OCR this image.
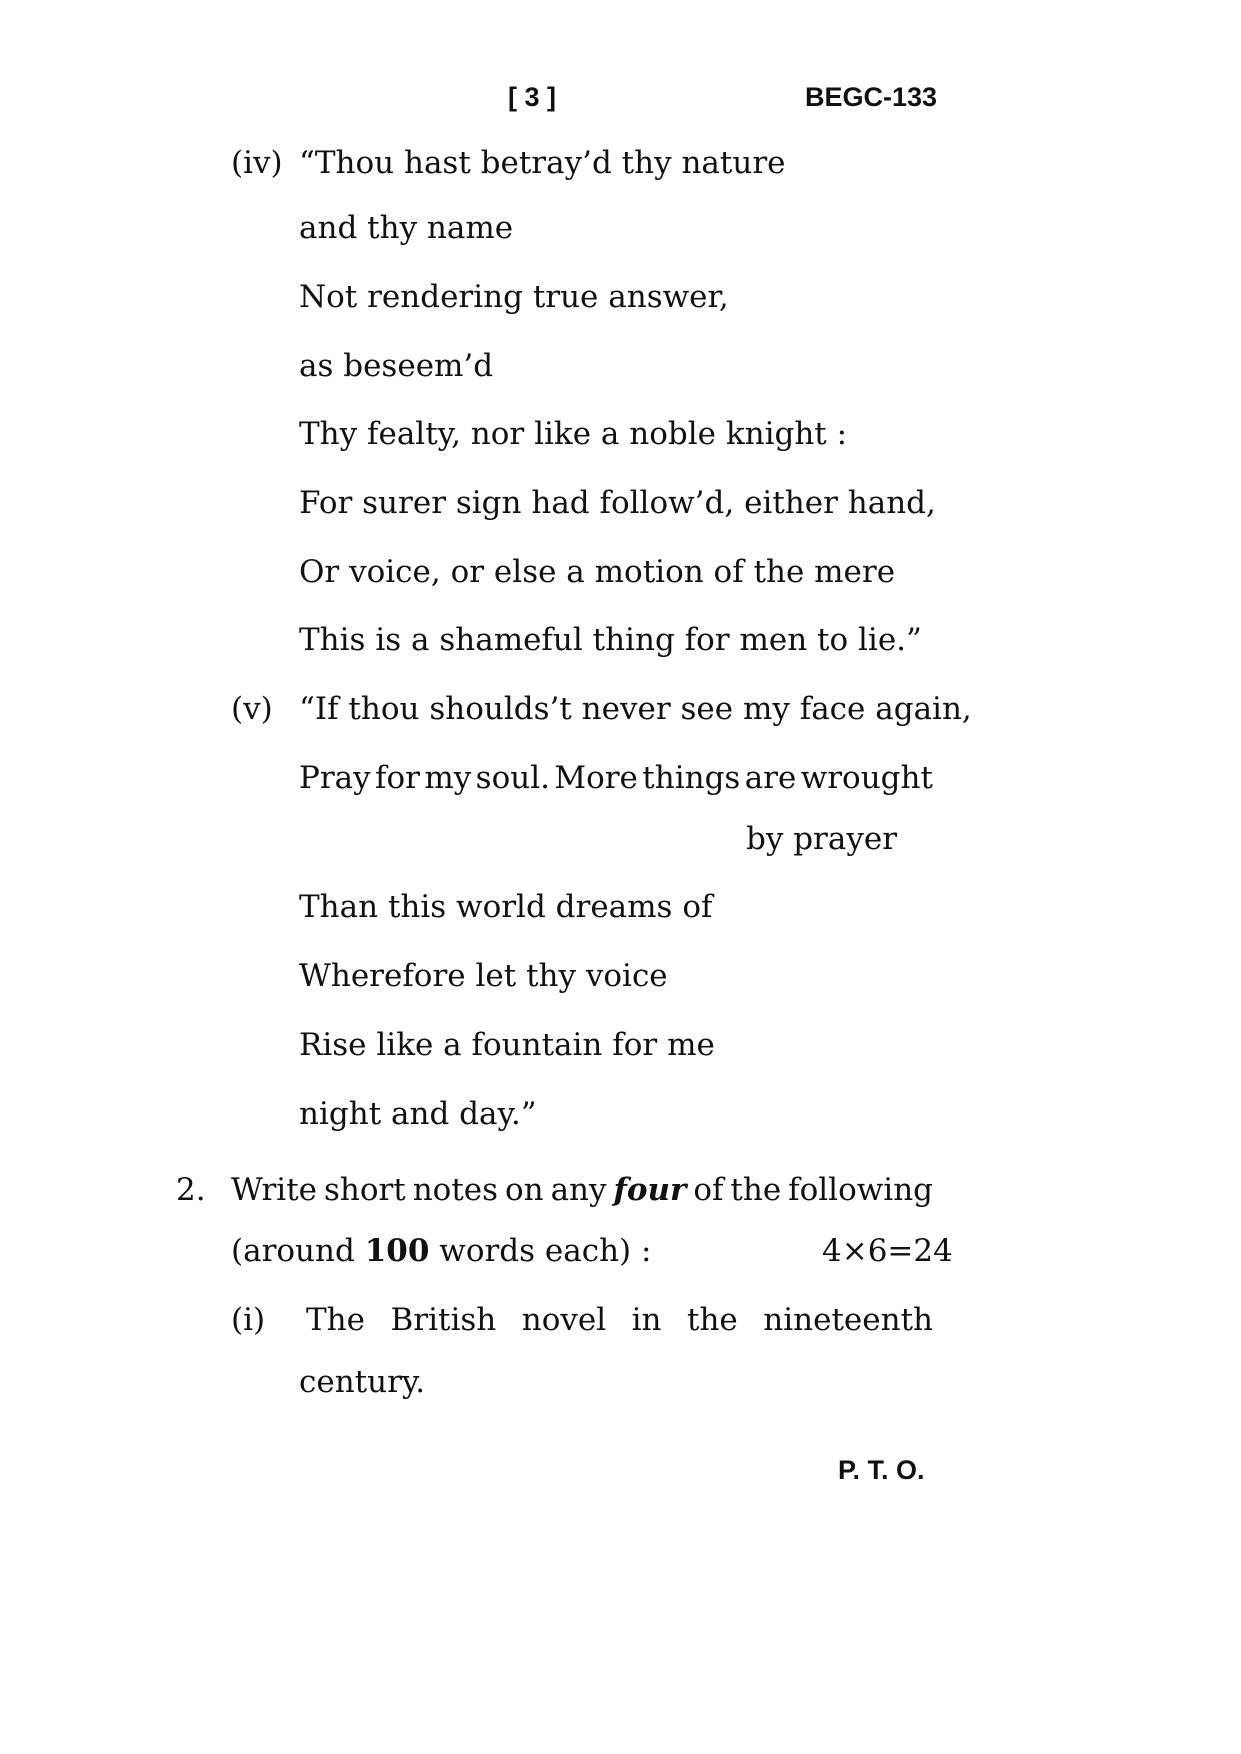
[ 3 ]	BEGC-133
(iv) “Thou hast betray’d thy nature
and thy name
Not rendering true answer,
as beseem’d
Thy fealty, nor like a noble knight :
For surer sign had follow’d, either hand,
Or voice, or else a motion of the mere
This is a shameful thing for men to lie.”
(v) “If thou shoulds’t never see my face again,
Pray for my soul. More things are wrought
by prayer
Than this world dreams of
Wherefore let thy voice
Rise like a fountain for me
night and day.”
2. Write short notes on any four of the following
(around 100 words each) :	4×6=24
(i) The British novel in the nineteenth
century.
P. T. O.
